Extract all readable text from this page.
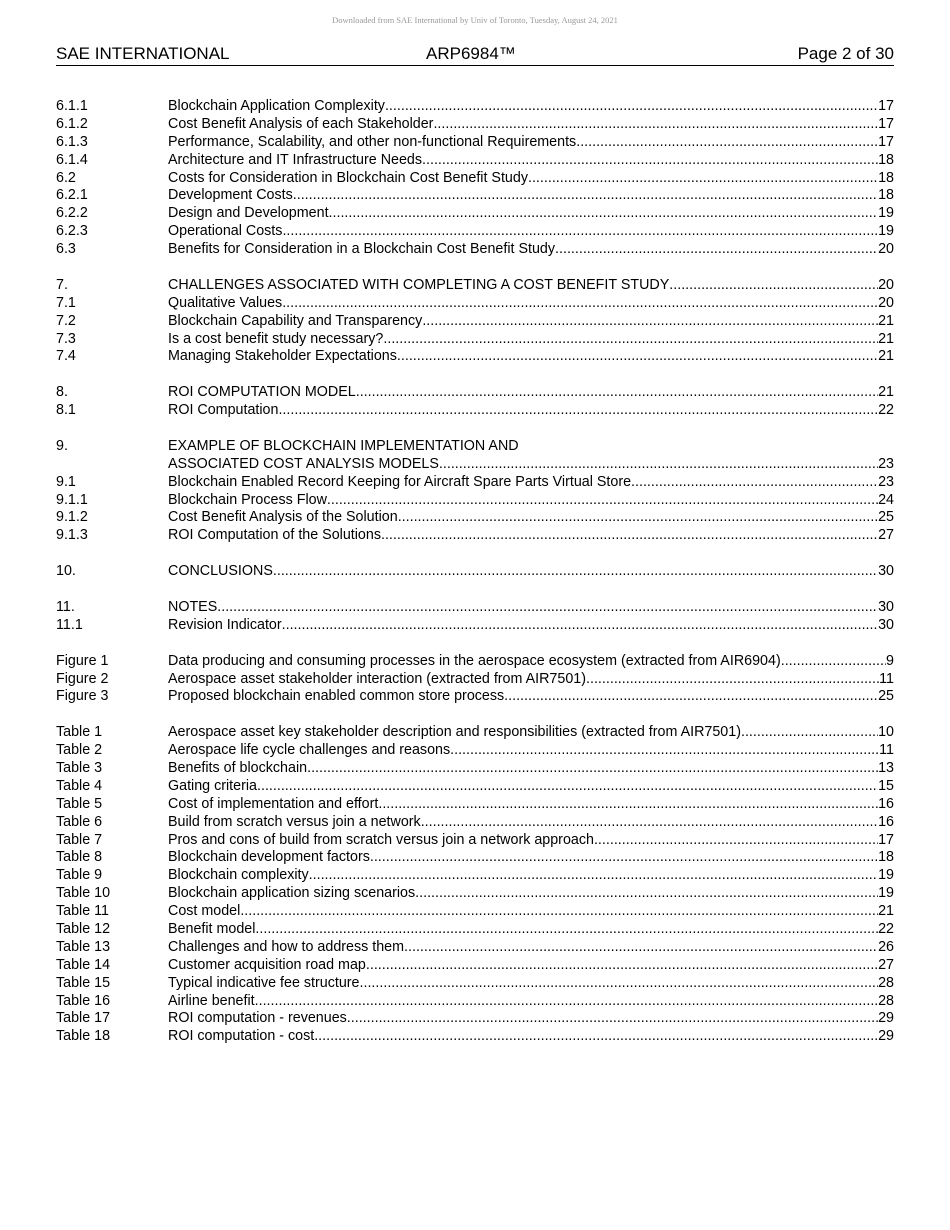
Downloaded from SAE International by Univ of Toronto, Tuesday, August 24, 2021
SAE INTERNATIONAL	ARP6984™	Page 2 of 30
6.1.1	Blockchain Application Complexity .....	17
6.1.2	Cost Benefit Analysis of each Stakeholder .....	17
6.1.3	Performance, Scalability, and other non-functional Requirements .....	17
6.1.4	Architecture and IT Infrastructure Needs .....	18
6.2	Costs for Consideration in Blockchain Cost Benefit Study .....	18
6.2.1	Development Costs .....	18
6.2.2	Design and Development .....	19
6.2.3	Operational Costs .....	19
6.3	Benefits for Consideration in a Blockchain Cost Benefit Study .....	20
7.	CHALLENGES ASSOCIATED WITH COMPLETING A COST BENEFIT STUDY .....	20
7.1	Qualitative Values .....	20
7.2	Blockchain Capability and Transparency .....	21
7.3	Is a cost benefit study necessary? .....	21
7.4	Managing Stakeholder Expectations .....	21
8.	ROI COMPUTATION MODEL .....	21
8.1	ROI Computation .....	22
9.	EXAMPLE OF BLOCKCHAIN IMPLEMENTATION AND
ASSOCIATED COST ANALYSIS MODELS .....	23
9.1	Blockchain Enabled Record Keeping for Aircraft Spare Parts Virtual Store .....	23
9.1.1	Blockchain Process Flow .....	24
9.1.2	Cost Benefit Analysis of the Solution .....	25
9.1.3	ROI Computation of the Solutions .....	27
10.	CONCLUSIONS .....	30
11.	NOTES .....	30
11.1	Revision Indicator .....	30
Figure 1	Data producing and consuming processes in the aerospace ecosystem (extracted from AIR6904) .....	9
Figure 2	Aerospace asset stakeholder interaction (extracted from AIR7501) .....	11
Figure 3	Proposed blockchain enabled common store process .....	25
Table 1	Aerospace asset key stakeholder description and responsibilities (extracted from AIR7501) .....	10
Table 2	Aerospace life cycle challenges and reasons .....	11
Table 3	Benefits of blockchain .....	13
Table 4	Gating criteria .....	15
Table 5	Cost of implementation and effort .....	16
Table 6	Build from scratch versus join a network .....	16
Table 7	Pros and cons of build from scratch versus join a network approach .....	17
Table 8	Blockchain development factors .....	18
Table 9	Blockchain complexity .....	19
Table 10	Blockchain application sizing scenarios .....	19
Table 11	Cost model .....	21
Table 12	Benefit model .....	22
Table 13	Challenges and how to address them .....	26
Table 14	Customer acquisition road map .....	27
Table 15	Typical indicative fee structure .....	28
Table 16	Airline benefit .....	28
Table 17	ROI computation - revenues .....	29
Table 18	ROI computation - cost .....	29
